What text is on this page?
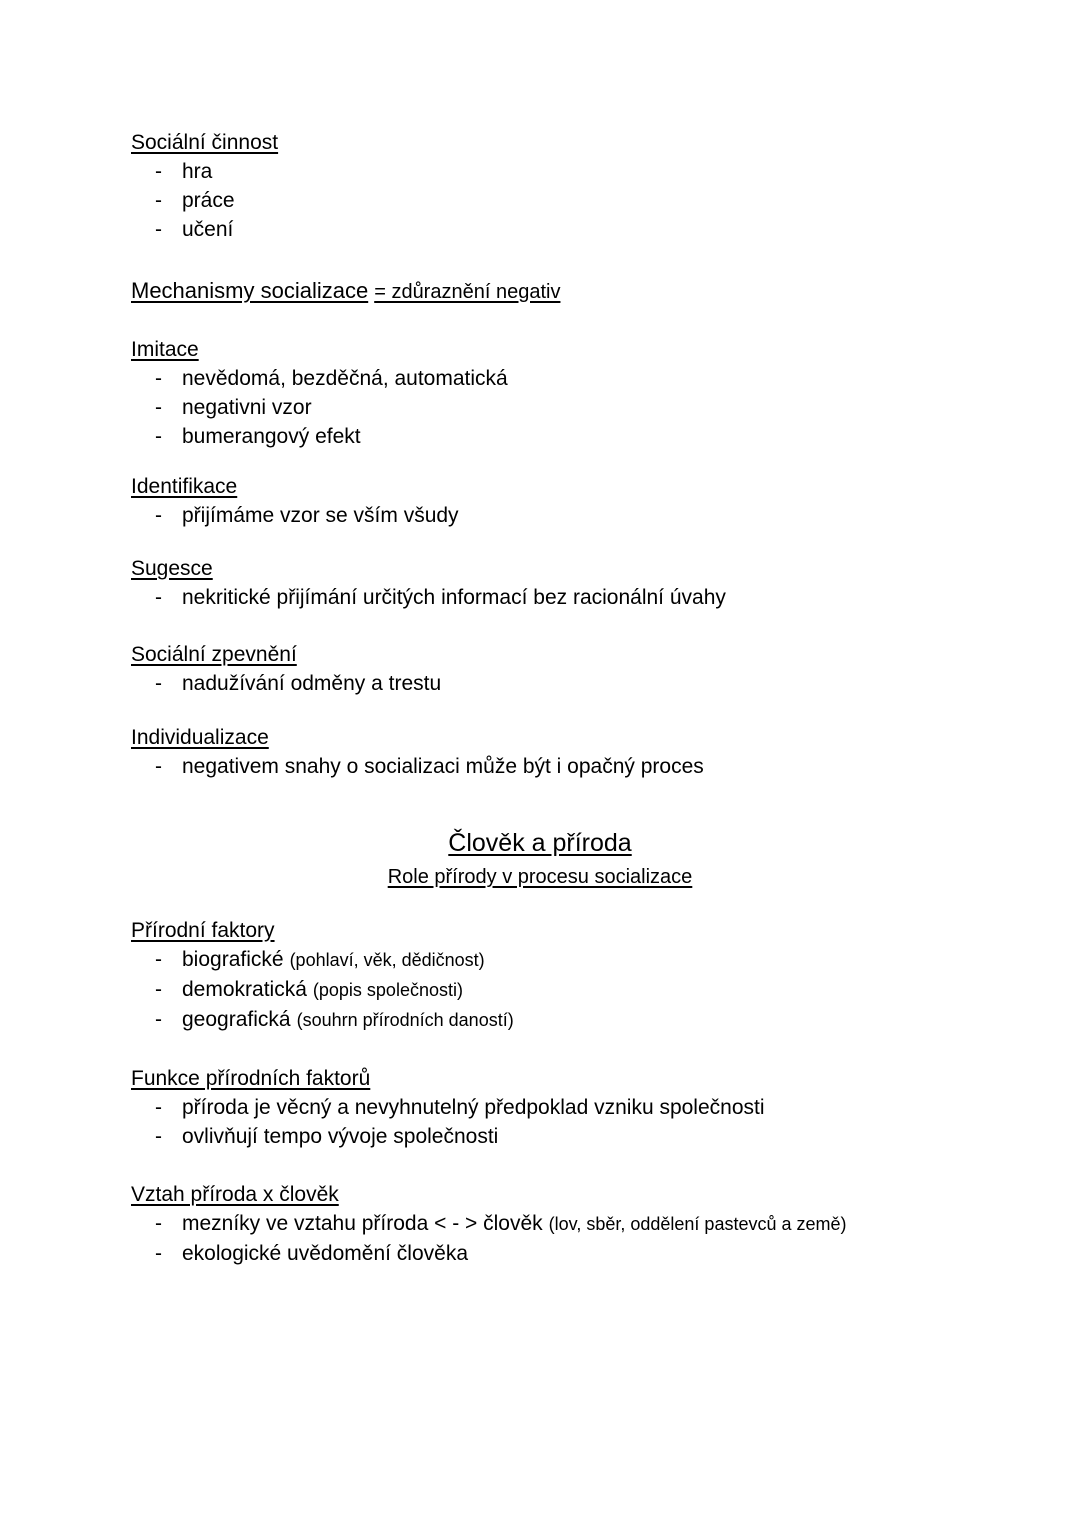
Sociální činnost
- hra
- práce
- učení
Mechanismy socializace = zdůraznění negativ
Imitace
- nevědomá, bezděčná, automatická
- negativni vzor
- bumerangový efekt
Identifikace
- přijímáme vzor se vším všudy
Sugesce
- nekritické přijímání určitých informací bez racionální úvahy
Sociální zpevnění
- nadužívání odměny a trestu
Individualizace
- negativem snahy o socializaci může být i opačný proces
Člověk a příroda
Role přírody v procesu socializace
Přírodní faktory
- biografické (pohlaví, věk, dědičnost)
- demokratická (popis společnosti)
- geografická (souhrn přírodních daností)
Funkce přírodních faktorů
- příroda je věcný a nevyhnutelný předpoklad vzniku společnosti
- ovlivňují tempo vývoje společnosti
Vztah příroda x člověk
- mezníky ve vztahu příroda < - > člověk (lov, sběr, oddělení pastevců a země)
- ekologické uvědomění člověka
